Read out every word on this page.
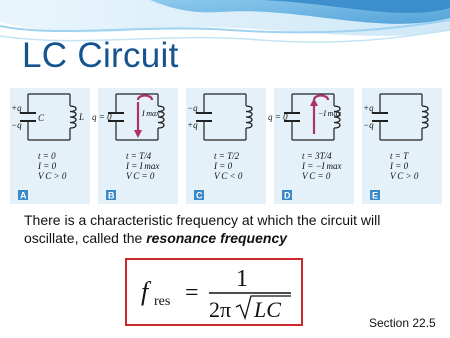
LC Circuit
+q
−q
C	L
t = 0
I = 0
V C > 0
A
q = 0	I max
t = T/4
I = I max
V C = 0
B
−q
+q
t = T/2
I = 0
V C < 0
C
q = 0	−I max
t = 3T/4
I = −I max
V C = 0
D
+q
−q
t = T
I = 0
V C > 0
E
There is a characteristic frequency at which the circuit will oscillate, called the resonance frequency
f res =
1
2π LC
Section 22.5
